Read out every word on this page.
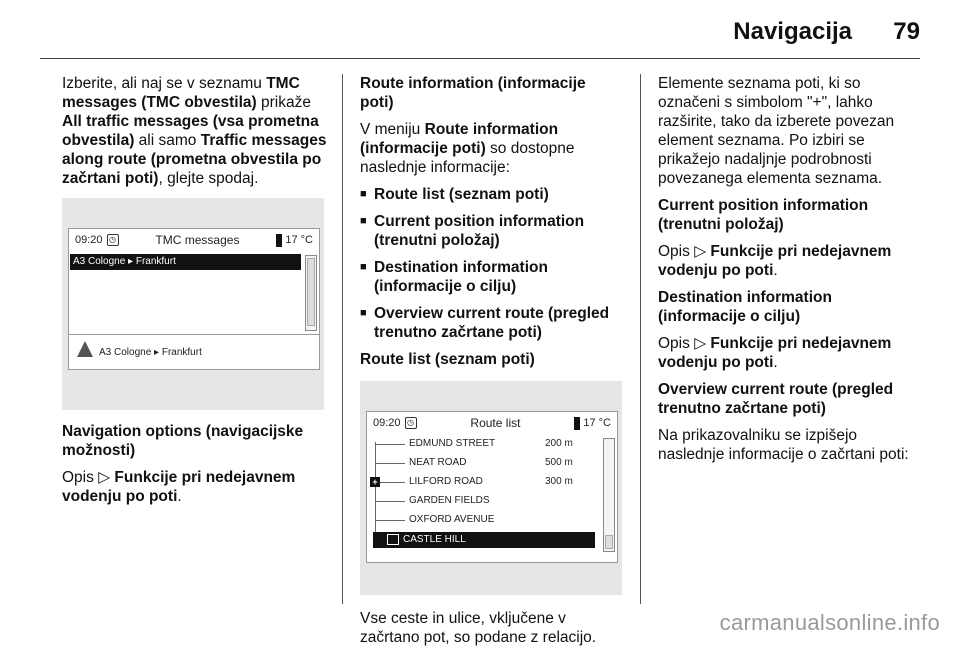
Navigacija 79

Izberite, ali naj se v seznamu TMC messages (TMC obvestila) prikaže All traffic messages (vsa prometna obvestila) ali samo Traffic messages along route (prometna obvestila po začrtani poti), glejte spodaj.

09:20 ◷	TMC messages	17 °C
A3 Cologne ▸ Frankfurt
A3 Cologne ▸ Frankfurt

Navigation options (navigacijske možnosti)

Opis ▷ Funkcije pri nedejavnem vodenju po poti.

Route information (informacije poti)

V meniju Route information (informacije poti) so dostopne naslednje informacije:

■ Route list (seznam poti)
■ Current position information (trenutni položaj)
■ Destination information (informacije o cilju)
■ Overview current route (pregled trenutno začrtane poti)

Route list (seznam poti)

09:20 ◷	Route list	17 °C
EDMUND STREET	200 m
NEAT ROAD	500 m
LILFORD ROAD	300 m
+
GARDEN FIELDS
OXFORD AVENUE
CASTLE HILL

Vse ceste in ulice, vključene v začrtano pot, so podane z relacijo.

Elemente seznama poti, ki so označeni s simbolom "+", lahko razširite, tako da izberete povezan element seznama. Po izbiri se prikažejo nadaljnje podrobnosti povezanega elementa seznama.

Current position information (trenutni položaj)

Opis ▷ Funkcije pri nedejavnem vodenju po poti.

Destination information (informacije o cilju)

Opis ▷ Funkcije pri nedejavnem vodenju po poti.

Overview current route (pregled trenutno začrtane poti)

Na prikazovalniku se izpišejo naslednje informacije o začrtani poti:

carmanualsonline.info
